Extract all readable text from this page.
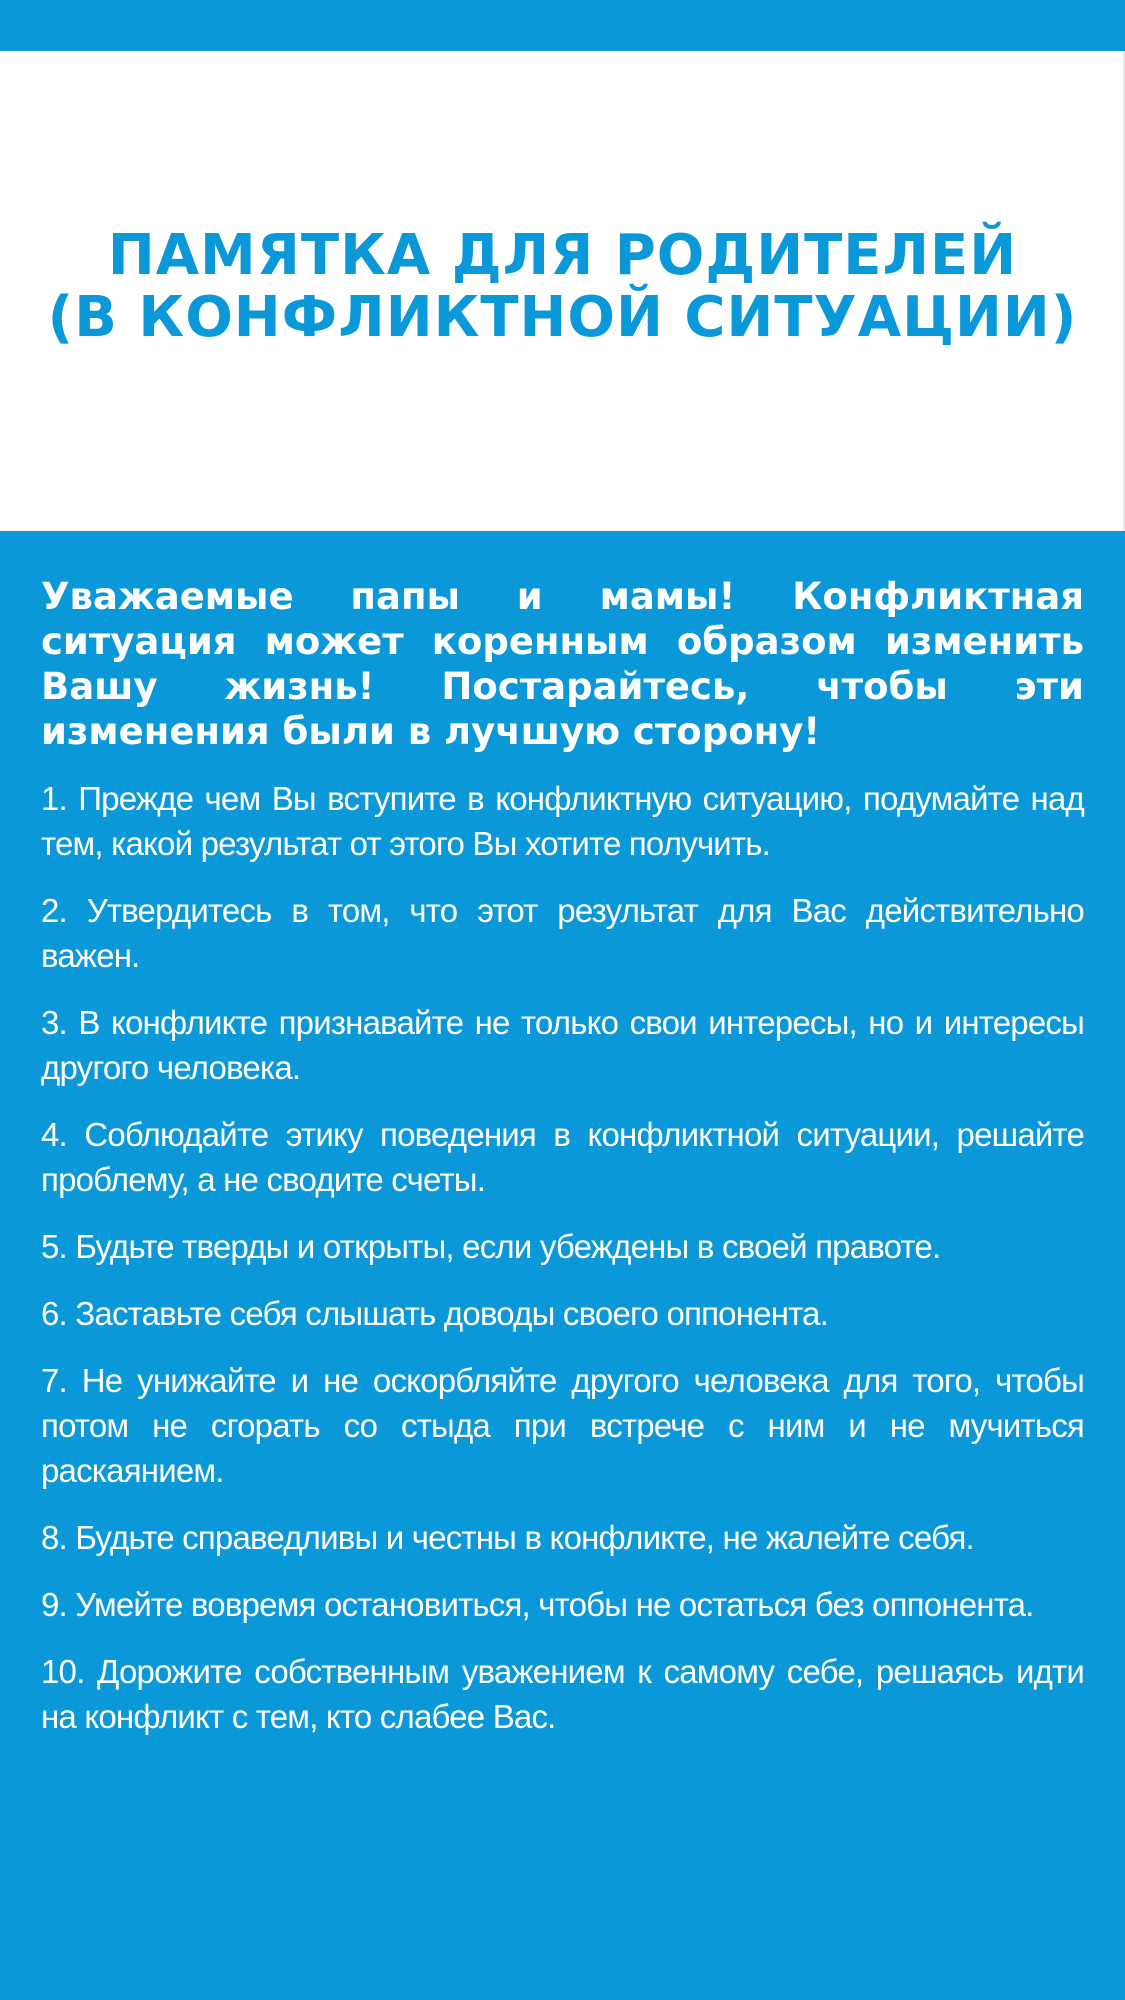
ПАМЯТКА ДЛЯ РОДИТЕЛЕЙ
(В КОНФЛИКТНОЙ СИТУАЦИИ)

Уважаемые папы и мамы! Конфликтная ситуация может коренным образом изменить Вашу жизнь! Постарайтесь, чтобы эти изменения были в лучшую сторону!

1. Прежде чем Вы вступите в конфликтную ситуацию, подумайте над тем, какой результат от этого Вы хотите получить.

2. Утвердитесь в том, что этот результат для Вас действительно важен.

3. В конфликте признавайте не только свои интересы, но и интересы другого человека.

4. Соблюдайте этику поведения в конфликтной ситуации, решайте проблему, а не сводите счеты.

5. Будьте тверды и открыты, если убеждены в своей правоте.

6. Заставьте себя слышать доводы своего оппонента.

7. Не унижайте и не оскорбляйте другого человека для того, чтобы потом не сгорать со стыда при встрече с ним и не мучиться раскаянием.

8. Будьте справедливы и честны в конфликте, не жалейте себя.

9. Умейте вовремя остановиться, чтобы не остаться без оппонента.

10. Дорожите собственным уважением к самому себе, решаясь идти на конфликт с тем, кто слабее Вас.
